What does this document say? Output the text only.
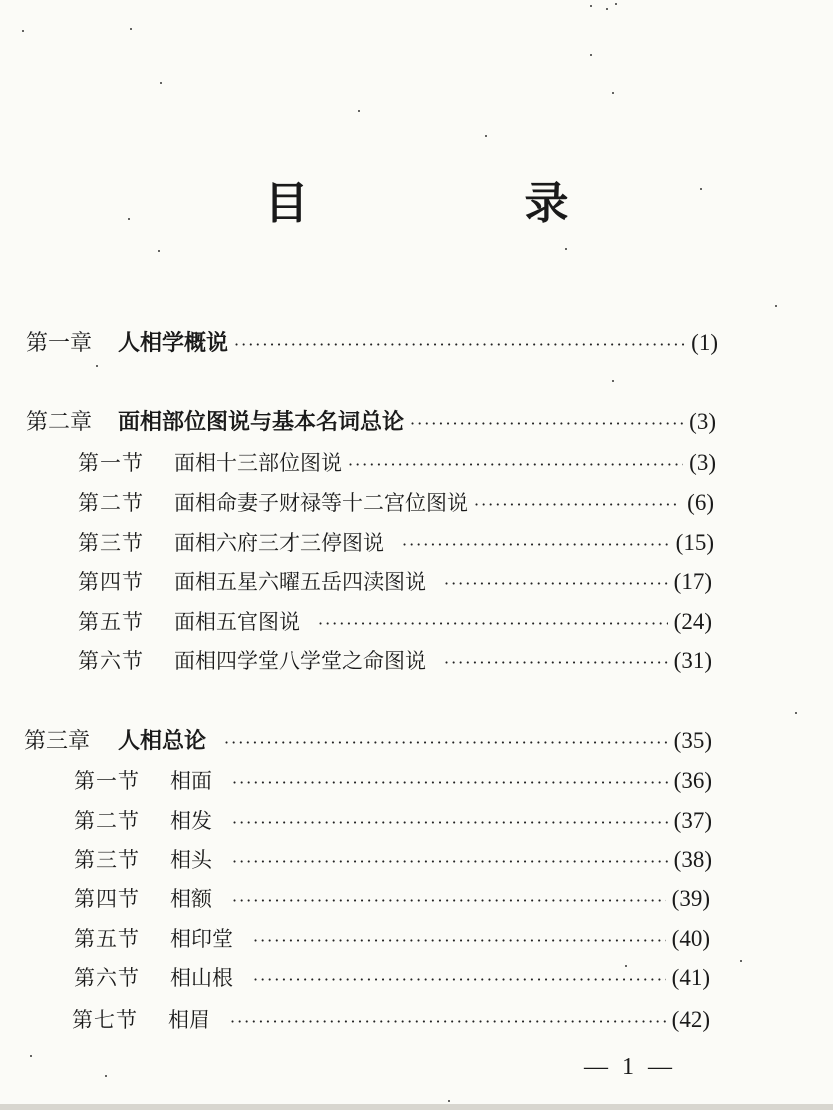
目　录
第一章 人相学概说 ·····	(1)
第二章 面相部位图说与基本名词总论 ·····	(3)
第一节 面相十三部位图说 ·····	(3)
第二节 面相命妻子财禄等十二宫位图说 ·····	(6)
第三节 面相六府三才三停图说 ·····	(15)
第四节 面相五星六曜五岳四渎图说 ·····	(17)
第五节 面相五官图说 ·····	(24)
第六节 面相四学堂八学堂之命图说 ·····	(31)
第三章 人相总论 ·····	(35)
第一节 相面 ·····	(36)
第二节 相发 ·····	(37)
第三节 相头 ·····	(38)
第四节 相额 ·····	(39)
第五节 相印堂 ·····	(40)
第六节 相山根 ·····	(41)
第七节 相眉 ·····	(42)
— 1 —
